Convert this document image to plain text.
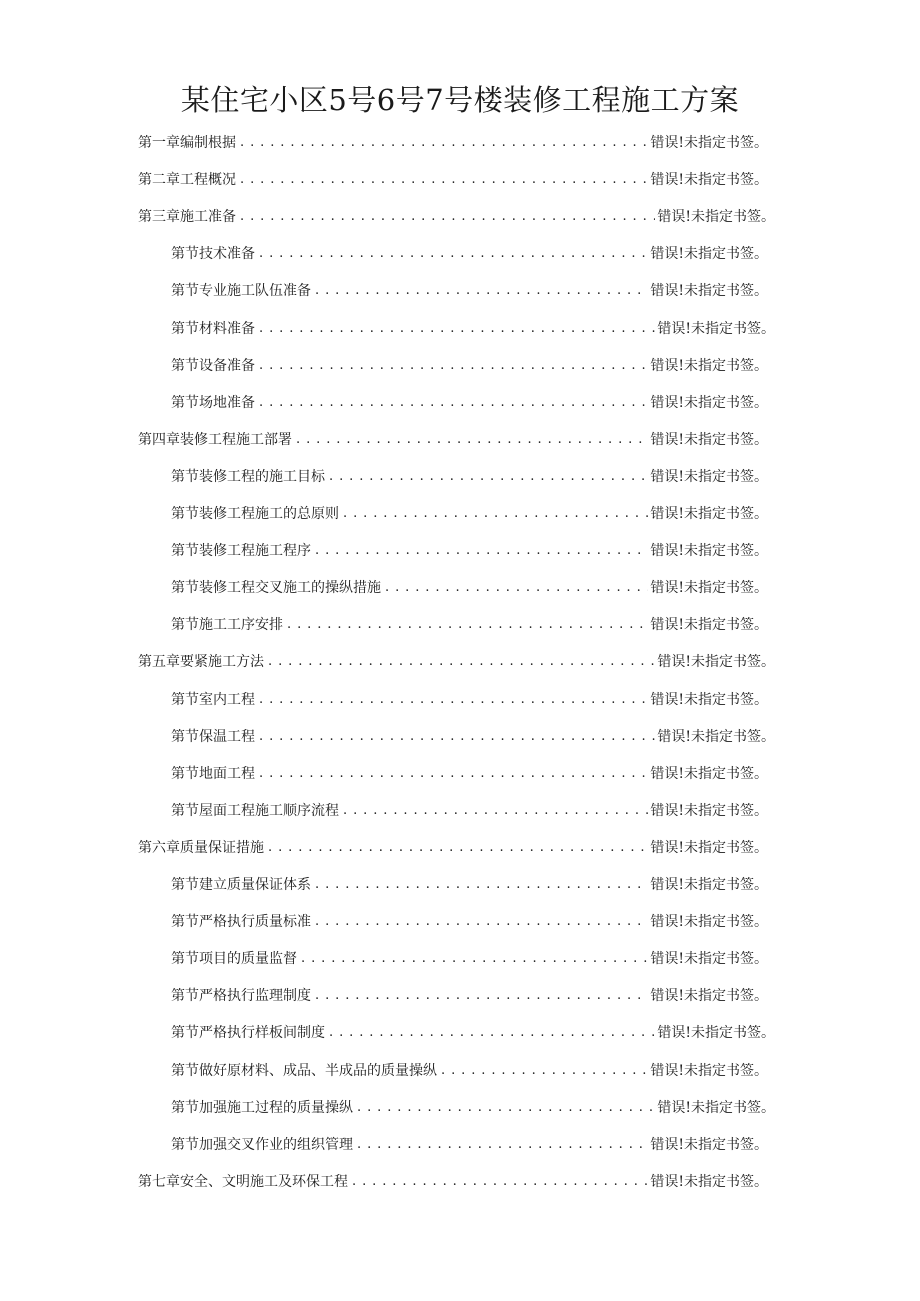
某住宅小区5号6号7号楼装修工程施工方案
第一章编制根据 . . .	错误!未指定书签。
第二章工程概况 . . .	错误!未指定书签。
第三章施工准备 . . .	错误!未指定书签。
第节技术准备 . . .	错误!未指定书签。
第节专业施工队伍准备 . . .	错误!未指定书签。
第节材料准备 . . .	错误!未指定书签。
第节设备准备 . . .	错误!未指定书签。
第节场地准备 . . .	错误!未指定书签。
第四章装修工程施工部署 . . .	错误!未指定书签。
第节装修工程的施工目标 . . .	错误!未指定书签。
第节装修工程施工的总原则 . . .	错误!未指定书签。
第节装修工程施工程序 . . .	错误!未指定书签。
第节装修工程交叉施工的操纵措施 . . .	错误!未指定书签。
第节施工工序安排 . . .	错误!未指定书签。
第五章要紧施工方法 . . .	错误!未指定书签。
第节室内工程 . . .	错误!未指定书签。
第节保温工程 . . .	错误!未指定书签。
第节地面工程 . . .	错误!未指定书签。
第节屋面工程施工顺序流程 . . .	错误!未指定书签。
第六章质量保证措施 . . .	错误!未指定书签。
第节建立质量保证体系 . . .	错误!未指定书签。
第节严格执行质量标准 . . .	错误!未指定书签。
第节项目的质量监督 . . .	错误!未指定书签。
第节严格执行监理制度 . . .	错误!未指定书签。
第节严格执行样板间制度 . . .	错误!未指定书签。
第节做好原材料、成品、半成品的质量操纵 . . .	错误!未指定书签。
第节加强施工过程的质量操纵 . . .	错误!未指定书签。
第节加强交叉作业的组织管理 . . .	错误!未指定书签。
第七章安全、文明施工及环保工程 . . .	错误!未指定书签。
